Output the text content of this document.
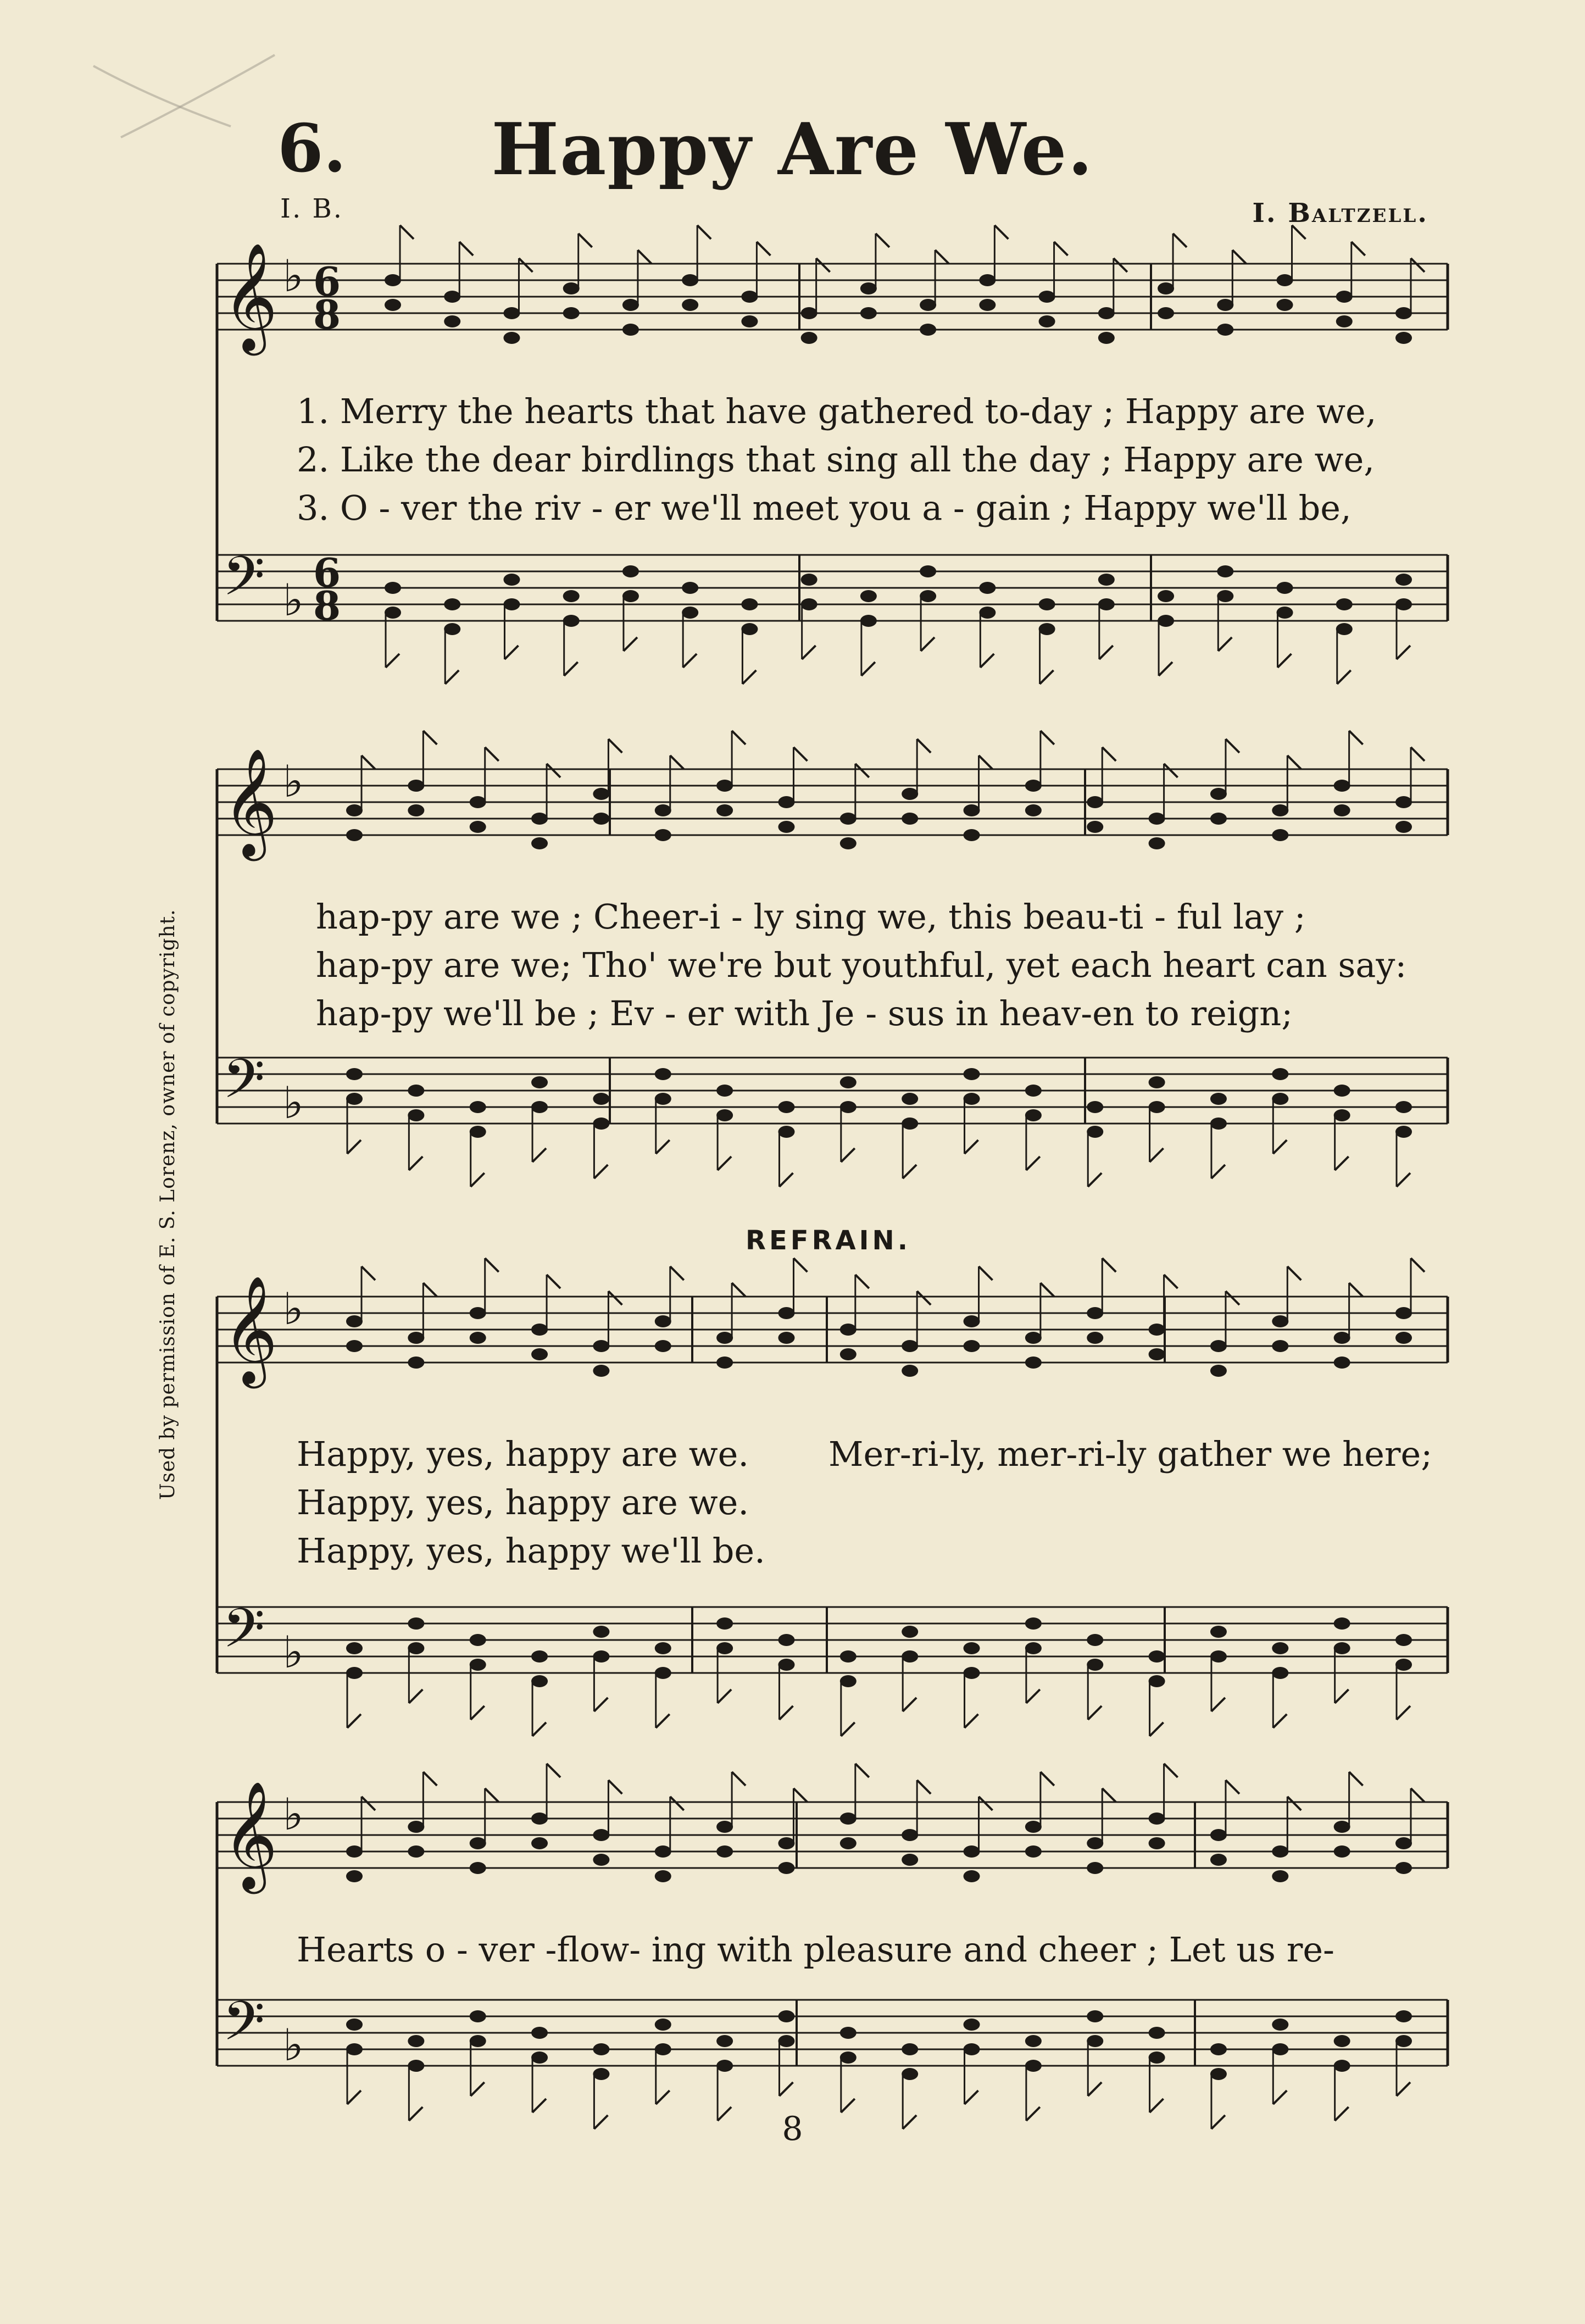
6.	Happy Are We.
I. B.	I. Baltzell.
Used by permission of E. S. Lorenz, owner of copyright.
𝄞 ♭ 6
8
𝄢 ♭
6
8
𝄞 ♭
𝄢 ♭
𝄞 ♭
𝄢 ♭
𝄞 ♭
𝄢 ♭
1. Merry the hearts that have gathered to-day ; Happy are we,
2. Like the dear birdlings that sing all the day ; Happy are we,
3. O - ver the riv - er we'll meet you a - gain ; Happy we'll be,
hap-py are we ; Cheer-i - ly sing we, this beau-ti - ful lay ;
hap-py are we; Tho' we're but youthful, yet each heart can say:
hap-py we'll be ; Ev - er with Je - sus in heav-en to reign;
REFRAIN.
Happy, yes, happy are we.
Happy, yes, happy are we.
Happy, yes, happy we'll be.
Mer-ri-ly, mer-ri-ly gather we here;
Hearts o - ver -flow- ing with pleasure and cheer ; Let us re-
8
